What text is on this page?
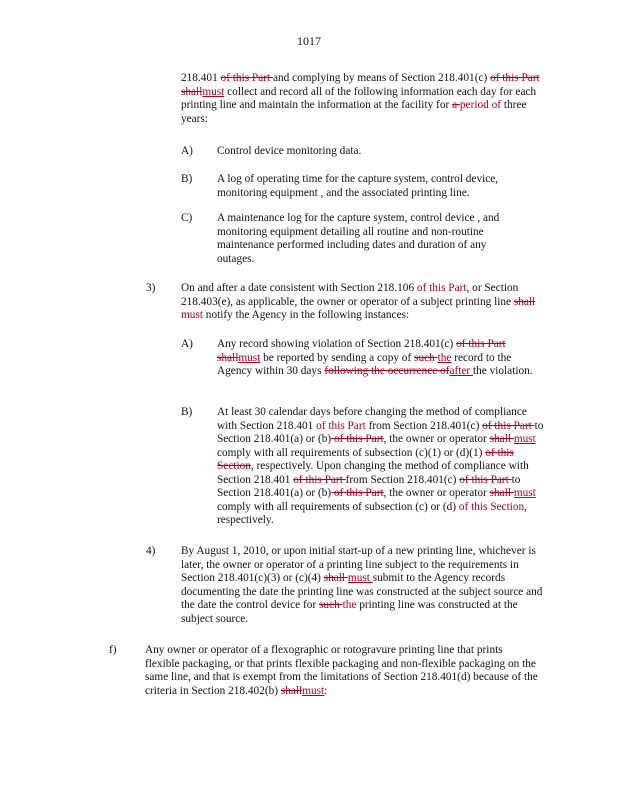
1017
218.401 of this Part and complying by means of Section 218.401(c) of this Part shallmust collect and record all of the following information each day for each printing line and maintain the information at the facility for a period of three years:
A) Control device monitoring data.
B) A log of operating time for the capture system, control device, monitoring equipment , and the associated printing line.
C) A maintenance log for the capture system, control device , and monitoring equipment detailing all routine and non-routine maintenance performed including dates and duration of any outages.
3) On and after a date consistent with Section 218.106 of this Part, or Section 218.403(e), as applicable, the owner or operator of a subject printing line shall must notify the Agency in the following instances:
A) Any record showing violation of Section 218.401(c) of this Part shallmust be reported by sending a copy of such the record to the Agency within 30 days following the occurrence ofafter the violation.
B) At least 30 calendar days before changing the method of compliance with Section 218.401 of this Part from Section 218.401(c) of this Part to Section 218.401(a) or (b) of this Part, the owner or operator shall must comply with all requirements of subsection (c)(1) or (d)(1) of this Section, respectively. Upon changing the method of compliance with Section 218.401 of this Part from Section 218.401(c) of this Part to Section 218.401(a) or (b) of this Part, the owner or operator shall must comply with all requirements of subsection (c) or (d) of this Section, respectively.
4) By August 1, 2010, or upon initial start-up of a new printing line, whichever is later, the owner or operator of a printing line subject to the requirements in Section 218.401(c)(3) or (c)(4) shall must submit to the Agency records documenting the date the printing line was constructed at the subject source and the date the control device for such the printing line was constructed at the subject source.
f)	Any owner or operator of a flexographic or rotogravure printing line that prints flexible packaging, or that prints flexible packaging and non-flexible packaging on the same line, and that is exempt from the limitations of Section 218.401(d) because of the criteria in Section 218.402(b) shallmust:
